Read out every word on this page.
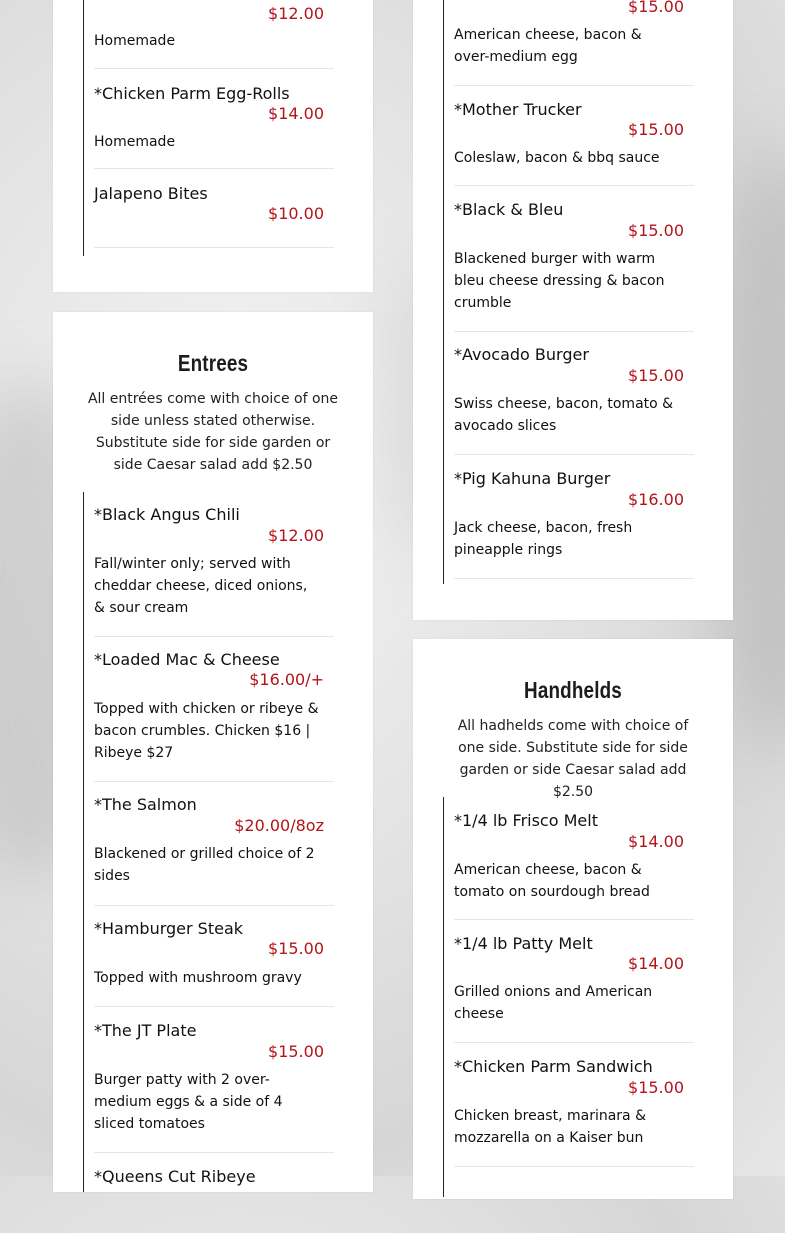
$12.00
Homemade
*Chicken Parm Egg-Rolls
$14.00
Homemade
Jalapeno Bites
$10.00
Entrees

All entrées come with choice of one side unless stated otherwise. Substitute side for side garden or side Caesar salad add $2.50

*Black Angus Chili
$12.00
Fall/winter only; served with cheddar cheese, diced onions, & sour cream
*Loaded Mac & Cheese
$16.00/+
Topped with chicken or ribeye & bacon crumbles. Chicken $16 | Ribeye $27
*The Salmon
$20.00/8oz
Blackened or grilled choice of 2 sides
*Hamburger Steak
$15.00
Topped with mushroom gravy
*The JT Plate
$15.00
Burger patty with 2 over-medium eggs & a side of 4 sliced tomatoes
*Queens Cut Ribeye
$15.00
American cheese, bacon & over-medium egg
*Mother Trucker
$15.00
Coleslaw, bacon & bbq sauce
*Black & Bleu
$15.00
Blackened burger with warm bleu cheese dressing & bacon crumble
*Avocado Burger
$15.00
Swiss cheese, bacon, tomato & avocado slices
*Pig Kahuna Burger
$16.00
Jack cheese, bacon, fresh pineapple rings
Handhelds

All hadhelds come with choice of one side. Substitute side for side garden or side Caesar salad add $2.50

*1/4 lb Frisco Melt
$14.00
American cheese, bacon & tomato on sourdough bread
*1/4 lb Patty Melt
$14.00
Grilled onions and American cheese
*Chicken Parm Sandwich
$15.00
Chicken breast, marinara & mozzarella on a Kaiser bun
